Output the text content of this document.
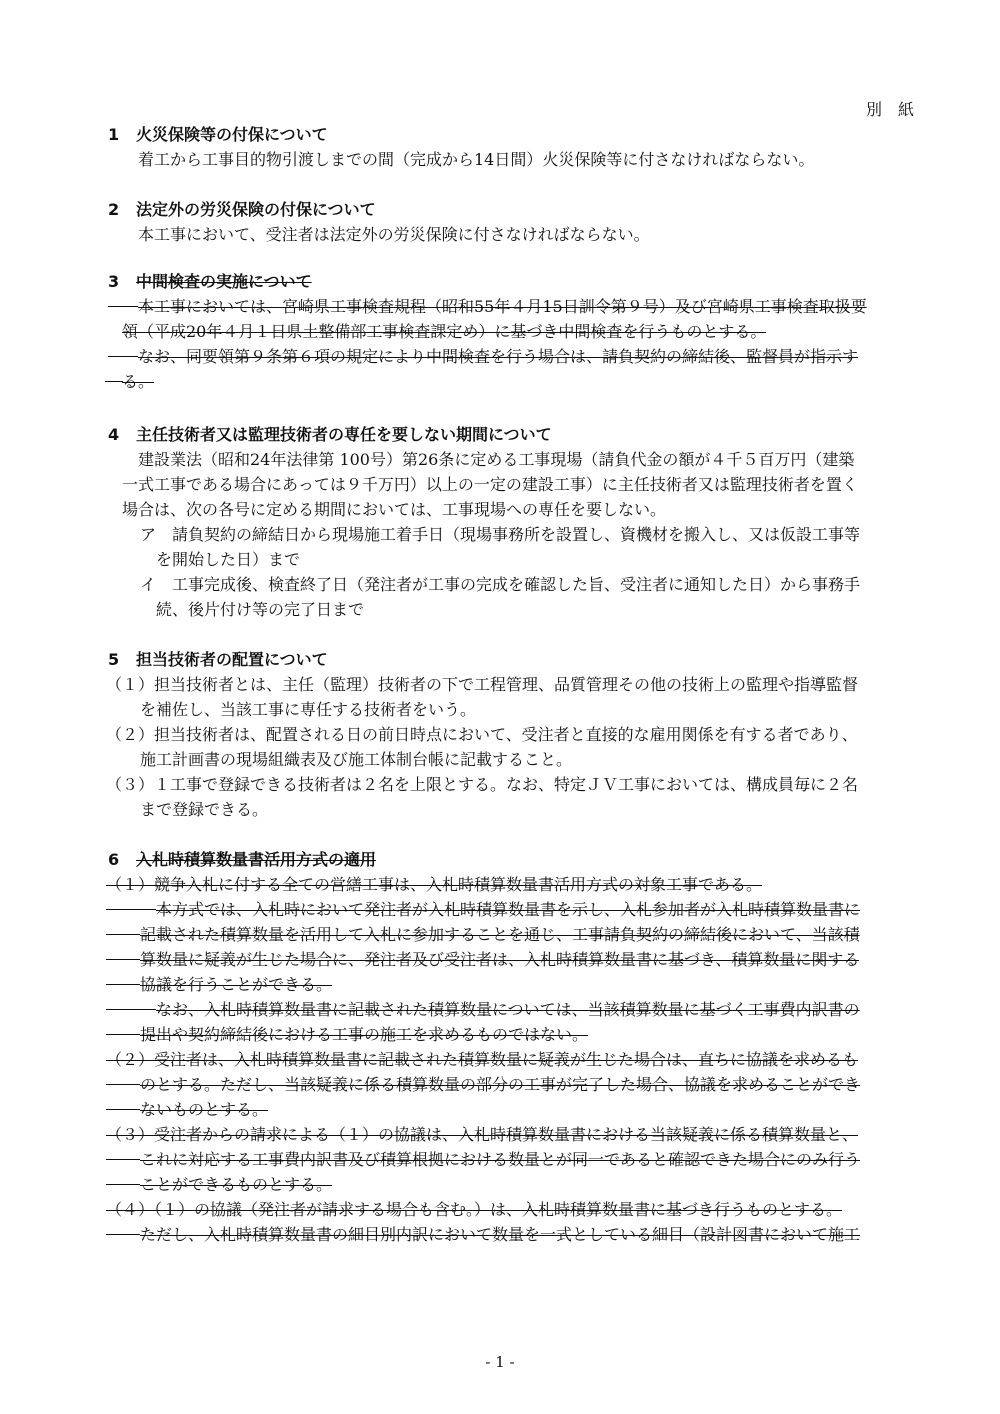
別　紙
1 火災保険等の付保について
着工から工事目的物引渡しまでの間（完成から14日間）火災保険等に付さなければならない。
2 法定外の労災保険の付保について
本工事において、受注者は法定外の労災保険に付さなければならない。
3 中間検査の実施について
本工事においては、宮崎県工事検査規程（昭和55年４月15日訓令第９号）及び宮崎県工事検査取扱要
領（平成20年４月１日県土整備部工事検査課定め）に基づき中間検査を行うものとする。
なお、同要領第９条第６項の規定により中間検査を行う場合は、請負契約の締結後、監督員が指示す
る。
4 主任技術者又は監理技術者の専任を要しない期間について
建設業法（昭和24年法律第 100号）第26条に定める工事現場（請負代金の額が４千５百万円（建築
一式工事である場合にあっては９千万円）以上の一定の建設工事）に主任技術者又は監理技術者を置く
場合は、次の各号に定める期間においては、工事現場への専任を要しない。
ア　請負契約の締結日から現場施工着手日（現場事務所を設置し、資機材を搬入し、又は仮設工事等
を開始した日）まで
イ　工事完成後、検査終了日（発注者が工事の完成を確認した旨、受注者に通知した日）から事務手
続、後片付け等の完了日まで
5 担当技術者の配置について
（１）担当技術者とは、主任（監理）技術者の下で工程管理、品質管理その他の技術上の監理や指導監督
を補佐し、当該工事に専任する技術者をいう。
（２）担当技術者は、配置される日の前日時点において、受注者と直接的な雇用関係を有する者であり、
施工計画書の現場組織表及び施工体制台帳に記載すること。
（３）１工事で登録できる技術者は２名を上限とする。なお、特定ＪＶ工事においては、構成員毎に２名
まで登録できる。
6 入札時積算数量書活用方式の適用
（１）競争入札に付する全ての営繕工事は、入札時積算数量書活用方式の対象工事である。
本方式では、入札時において発注者が入札時積算数量書を示し、入札参加者が入札時積算数量書に
記載された積算数量を活用して入札に参加することを通じ、工事請負契約の締結後において、当該積
算数量に疑義が生じた場合に、発注者及び受注者は、入札時積算数量書に基づき、積算数量に関する
協議を行うことができる。
なお、入札時積算数量書に記載された積算数量については、当該積算数量に基づく工事費内訳書の
提出や契約締結後における工事の施工を求めるものではない。
（２）受注者は、入札時積算数量書に記載された積算数量に疑義が生じた場合は、直ちに協議を求めるも
のとする。ただし、当該疑義に係る積算数量の部分の工事が完了した場合、協議を求めることができ
ないものとする。
（３）受注者からの請求による（１）の協議は、入札時積算数量書における当該疑義に係る積算数量と、
これに対応する工事費内訳書及び積算根拠における数量とが同一であると確認できた場合にのみ行う
ことができるものとする。
（４）（１）の協議（発注者が請求する場合も含む。）は、入札時積算数量書に基づき行うものとする。
ただし、入札時積算数量書の細目別内訳において数量を一式としている細目（設計図書において施工
- 1 -
